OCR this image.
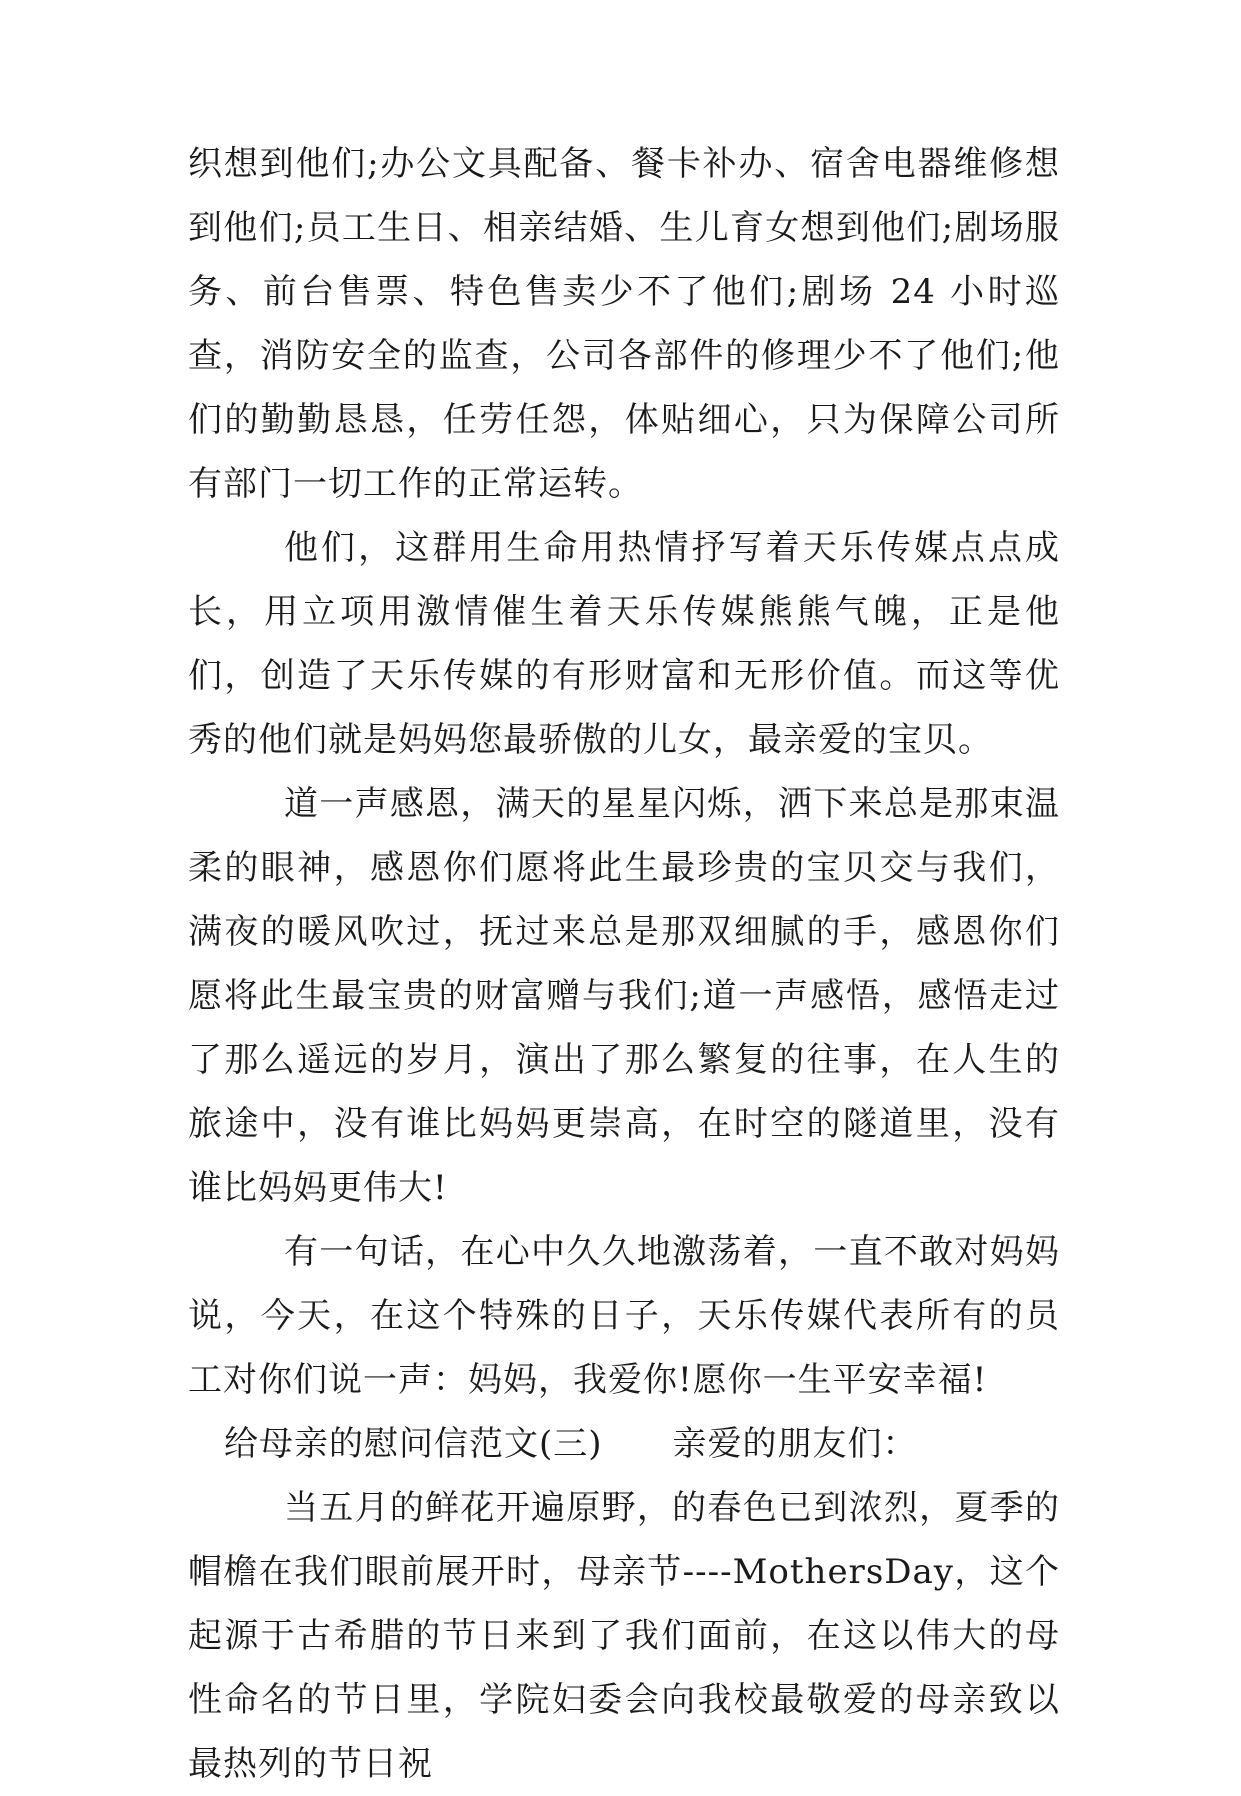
织想到他们;办公文具配备、餐卡补办、宿舍电器维修想到他们;员工生日、相亲结婚、生儿育女想到他们;剧场服务、前台售票、特色售卖少不了他们;剧场 24 小时巡查，消防安全的监查，公司各部件的修理少不了他们;他们的勤勤恳恳，任劳任怨，体贴细心，只为保障公司所有部门一切工作的正常运转。

他们，这群用生命用热情抒写着天乐传媒点点成长，用立项用激情催生着天乐传媒熊熊气魄，正是他们，创造了天乐传媒的有形财富和无形价值。而这等优秀的他们就是妈妈您最骄傲的儿女，最亲爱的宝贝。

道一声感恩，满天的星星闪烁，洒下来总是那束温柔的眼神，感恩你们愿将此生最珍贵的宝贝交与我们，满夜的暖风吹过，抚过来总是那双细腻的手，感恩你们愿将此生最宝贵的财富赠与我们;道一声感悟，感悟走过了那么遥远的岁月，演出了那么繁复的往事，在人生的旅途中，没有谁比妈妈更崇高，在时空的隧道里，没有谁比妈妈更伟大!

有一句话，在心中久久地激荡着，一直不敢对妈妈说，今天，在这个特殊的日子，天乐传媒代表所有的员工对你们说一声：妈妈，我爱你!愿你一生平安幸福!

给母亲的慰问信范文(三) 亲爱的朋友们：

当五月的鲜花开遍原野，的春色已到浓烈，夏季的帽檐在我们眼前展开时，母亲节----MothersDay，这个起源于古希腊的节日来到了我们面前，在这以伟大的母性命名的节日里，学院妇委会向我校最敬爱的母亲致以最热列的节日祝
